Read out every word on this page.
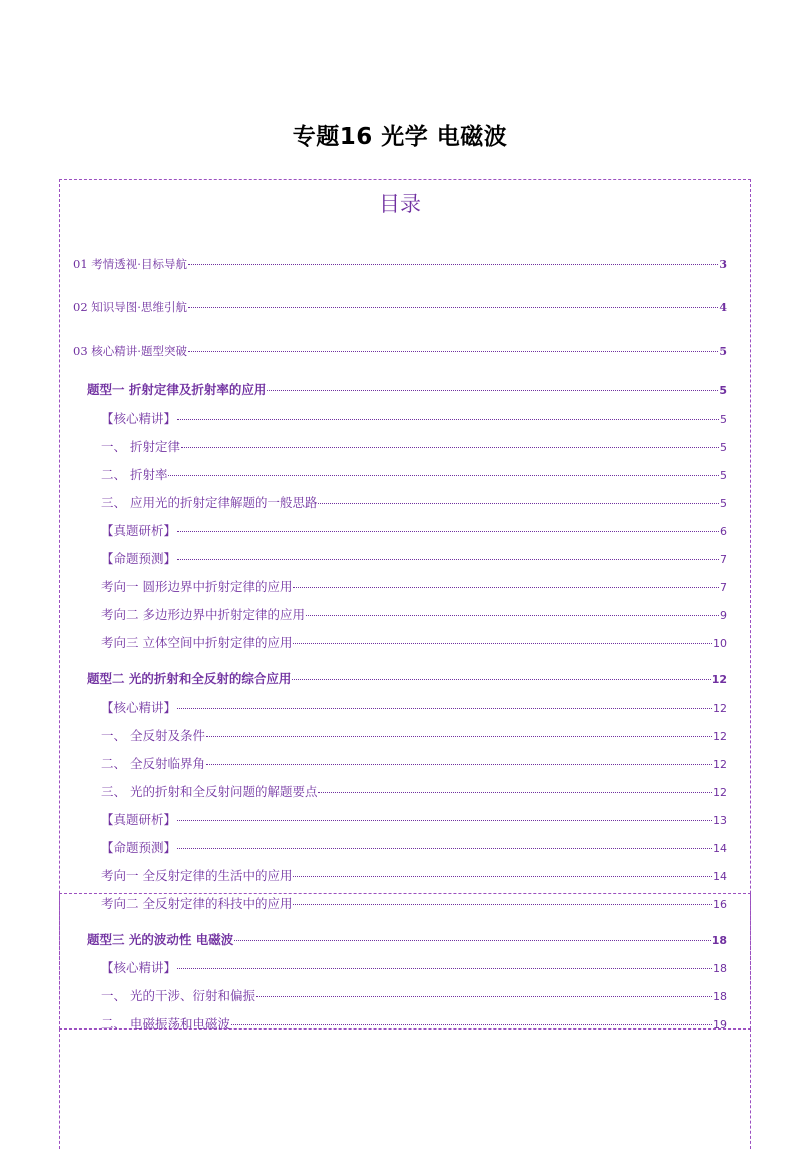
专题16 光学 电磁波
目录
01 考情透视·目标导航	3
02 知识导图·思维引航	4
03 核心精讲·题型突破	5
题型一 折射定律及折射率的应用	5
【核心精讲】	5
一、 折射定律	5
二、 折射率	5
三、 应用光的折射定律解题的一般思路	5
【真题研析】	6
【命题预测】	7
考向一 圆形边界中折射定律的应用	7
考向二 多边形边界中折射定律的应用	9
考向三 立体空间中折射定律的应用	10
题型二 光的折射和全反射的综合应用	12
【核心精讲】	12
一、 全反射及条件	12
二、 全反射临界角	12
三、 光的折射和全反射问题的解题要点	12
【真题研析】	13
【命题预测】	14
考向一 全反射定律的生活中的应用	14
考向二 全反射定律的科技中的应用	16
题型三 光的波动性 电磁波	18
【核心精讲】	18
一、 光的干涉、衍射和偏振	18
二、 电磁振荡和电磁波	19
